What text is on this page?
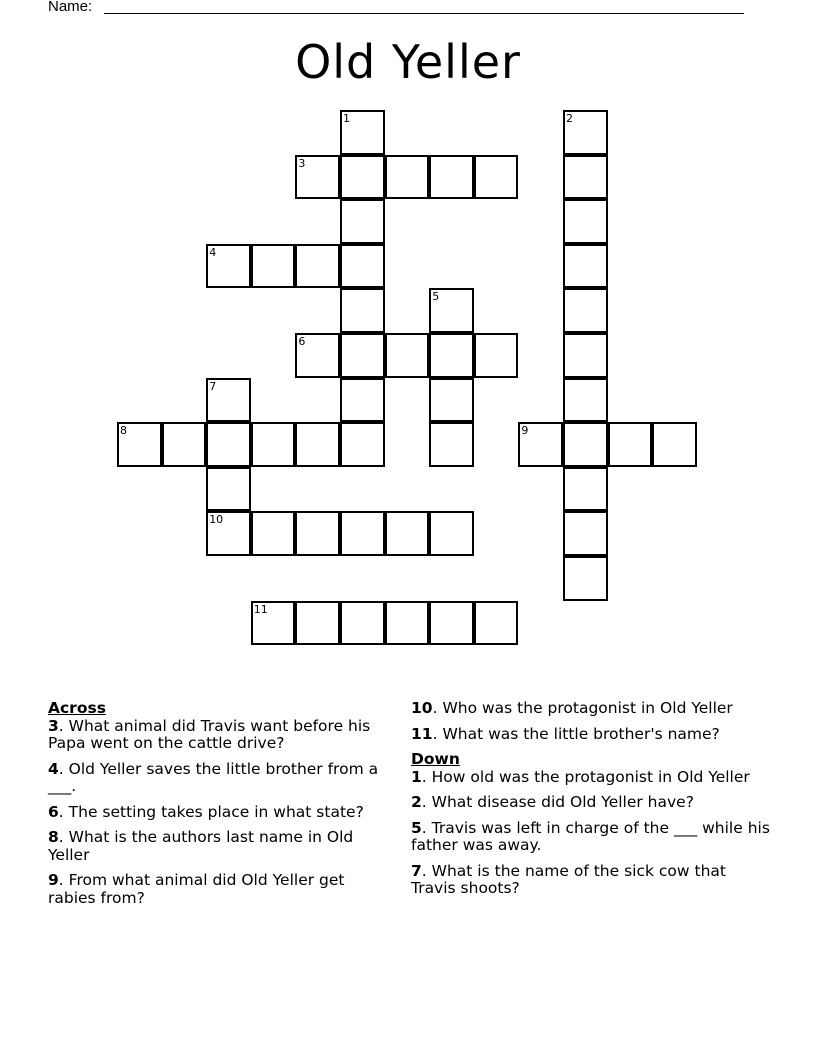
Name:
Old Yeller
1	2
3
4
5
6
7
10
8	9
11
Across
3. What animal did Travis want before his Papa went on the cattle drive?
4. Old Yeller saves the little brother from a ___.
6. The setting takes place in what state?
8. What is the authors last name in Old Yeller
9. From what animal did Old Yeller get rabies from?
10. Who was the protagonist in Old Yeller
11. What was the little brother's name?
Down
1. How old was the protagonist in Old Yeller
2. What disease did Old Yeller have?
5. Travis was left in charge of the ___ while his father was away.
7. What is the name of the sick cow that Travis shoots?
